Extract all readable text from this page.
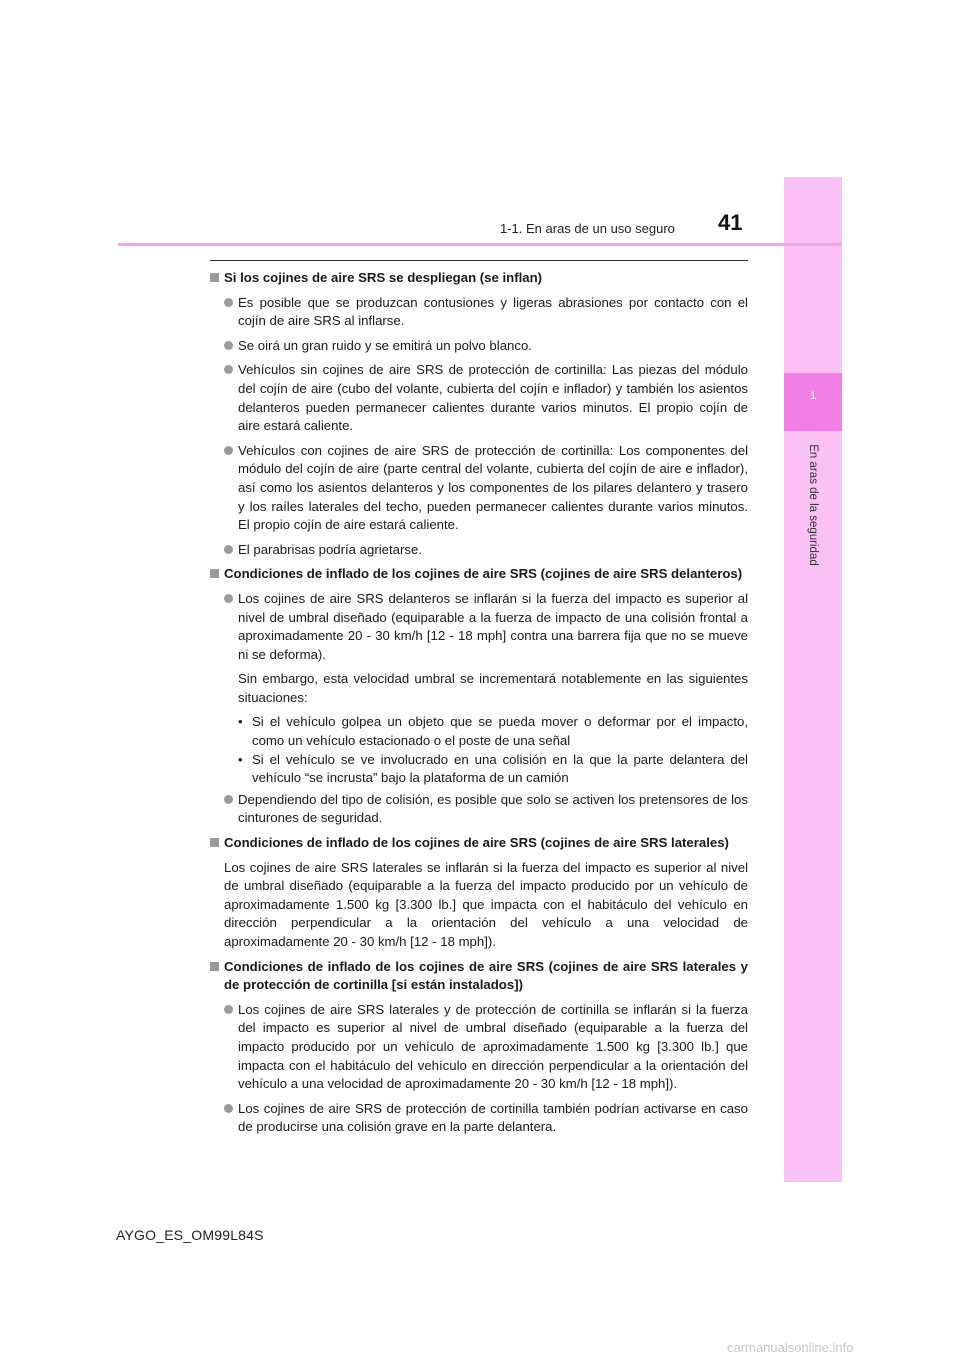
1
En aras de la seguridad
1-1. En aras de un uso seguro 41
Si los cojines de aire SRS se despliegan (se inflan)
Es posible que se produzcan contusiones y ligeras abrasiones por contacto con el cojín de aire SRS al inflarse.
Se oirá un gran ruido y se emitirá un polvo blanco.
Vehículos sin cojines de aire SRS de protección de cortinilla: Las piezas del módulo del cojín de aire (cubo del volante, cubierta del cojín e inflador) y también los asientos delanteros pueden permanecer calientes durante varios minutos. El propio cojín de aire estará caliente.
Vehículos con cojines de aire SRS de protección de cortinilla: Los componentes del módulo del cojín de aire (parte central del volante, cubierta del cojín de aire e inflador), así como los asientos delanteros y los componentes de los pilares delantero y trasero y los raíles laterales del techo, pueden permanecer calientes durante varios minutos. El propio cojín de aire estará caliente.
El parabrisas podría agrietarse.
Condiciones de inflado de los cojines de aire SRS (cojines de aire SRS delanteros)
Los cojines de aire SRS delanteros se inflarán si la fuerza del impacto es superior al nivel de umbral diseñado (equiparable a la fuerza de impacto de una colisión frontal a aproximadamente 20 - 30 km/h [12 - 18 mph] contra una barrera fija que no se mueve ni se deforma).
Sin embargo, esta velocidad umbral se incrementará notablemente en las siguientes situaciones:
• Si el vehículo golpea un objeto que se pueda mover o deformar por el impacto, como un vehículo estacionado o el poste de una señal
• Si el vehículo se ve involucrado en una colisión en la que la parte delantera del vehículo “se incrusta” bajo la plataforma de un camión
Dependiendo del tipo de colisión, es posible que solo se activen los pretensores de los cinturones de seguridad.
Condiciones de inflado de los cojines de aire SRS (cojines de aire SRS laterales)
Los cojines de aire SRS laterales se inflarán si la fuerza del impacto es superior al nivel de umbral diseñado (equiparable a la fuerza del impacto producido por un vehículo de aproximadamente 1.500 kg [3.300 lb.] que impacta con el habitáculo del vehículo en dirección perpendicular a la orientación del vehículo a una velocidad de aproximadamente 20 - 30 km/h [12 - 18 mph]).
Condiciones de inflado de los cojines de aire SRS (cojines de aire SRS laterales y de protección de cortinilla [si están instalados])
Los cojines de aire SRS laterales y de protección de cortinilla se inflarán si la fuerza del impacto es superior al nivel de umbral diseñado (equiparable a la fuerza del impacto producido por un vehículo de aproximadamente 1.500 kg [3.300 lb.] que impacta con el habitáculo del vehículo en dirección perpendicular a la orientación del vehículo a una velocidad de aproximadamente 20 - 30 km/h [12 - 18 mph]).
Los cojines de aire SRS de protección de cortinilla también podrían activarse en caso de producirse una colisión grave en la parte delantera.
AYGO_ES_OM99L84S
carmanualsonline.info
